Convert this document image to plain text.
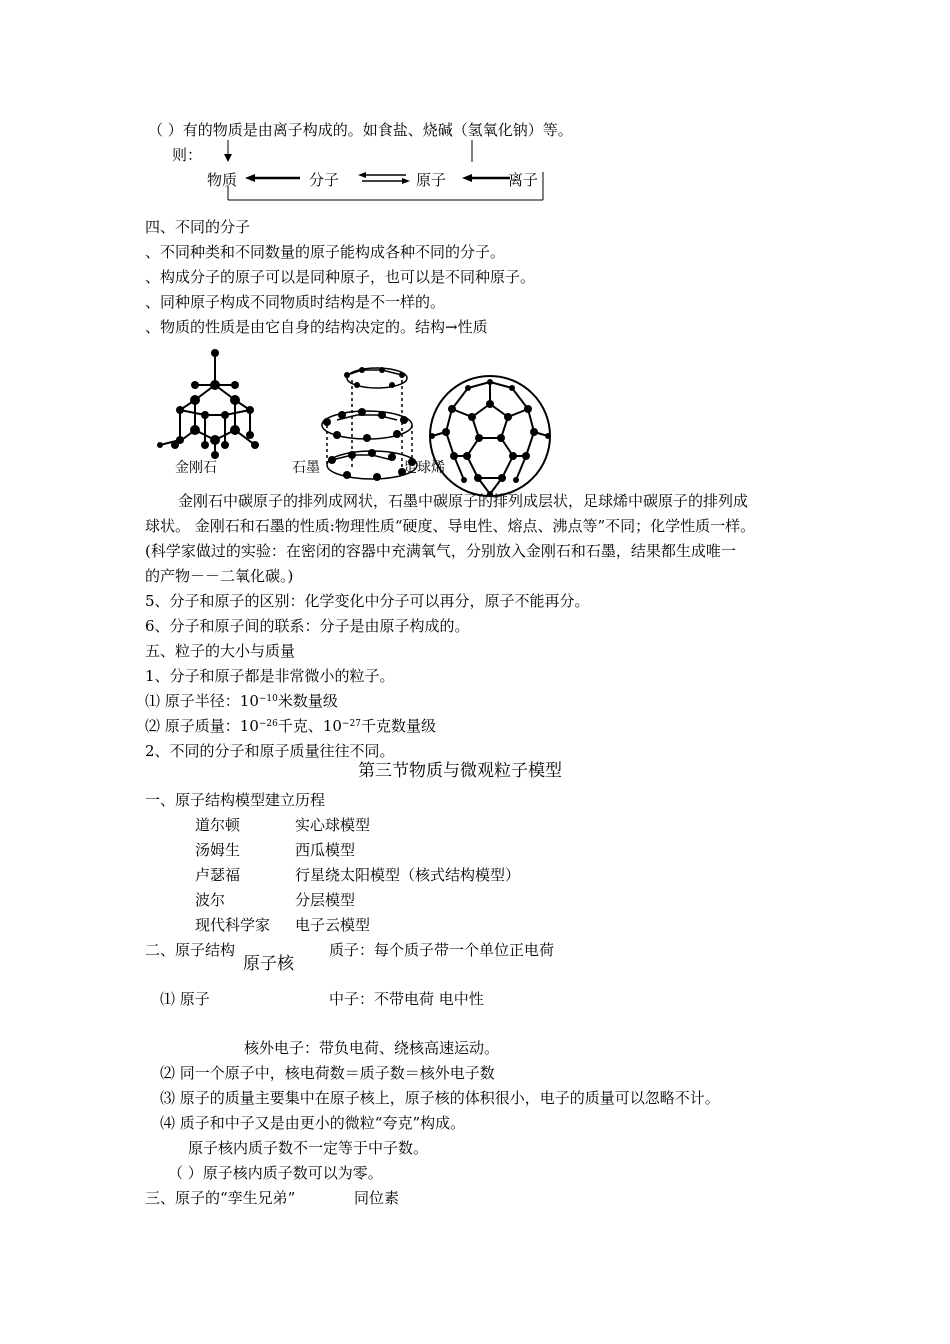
（ ）有的物质是由离子构成的。如食盐、烧碱（氢氧化钠）等。
则：
物质	分子	原子	离子
四、不同的分子
、不同种类和不同数量的原子能构成各种不同的分子。
、构成分子的原子可以是同种原子，也可以是不同种原子。
、同种原子构成不同物质时结构是不一样的。
、物质的性质是由它自身的结构决定的。结构→性质
金刚石	石墨	足球烯
金刚石中碳原子的排列成网状，石墨中碳原子的排列成层状，足球烯中碳原子的排列成
球状。 金刚石和石墨的性质:物理性质“硬度、导电性、熔点、沸点等”不同；化学性质一样。
(科学家做过的实验：在密闭的容器中充满氧气，分别放入金刚石和石墨，结果都生成唯一
的产物－－二氧化碳。)
5、分子和原子的区别：化学变化中分子可以再分，原子不能再分。
6、分子和原子间的联系：分子是由原子构成的。
五、粒子的大小与质量
1、分子和原子都是非常微小的粒子。
⑴ 原子半径：$10^{-10}$米数量级
⑵ 原子质量：$10^{-26}$千克、$10^{-27}$千克数量级
2、不同的分子和原子质量往往不同。
第三节物质与微观粒子模型
一、原子结构模型建立历程
道尔顿	实心球模型
汤姆生	西瓜模型
卢瑟福	行星绕太阳模型（核式结构模型）
波尔	分层模型
现代科学家 电子云模型
二、原子结构
原子核
质子：每个质子带一个单位正电荷
⑴ 原子	中子：不带电荷 电中性
核外电子：带负电荷、绕核高速运动。
⑵ 同一个原子中，核电荷数＝质子数＝核外电子数
⑶ 原子的质量主要集中在原子核上，原子核的体积很小，电子的质量可以忽略不计。
⑷ 质子和中子又是由更小的微粒“夸克”构成。
原子核内质子数不一定等于中子数。
（ ）原子核内质子数可以为零。
三、原子的“孪生兄弟”	同位素
